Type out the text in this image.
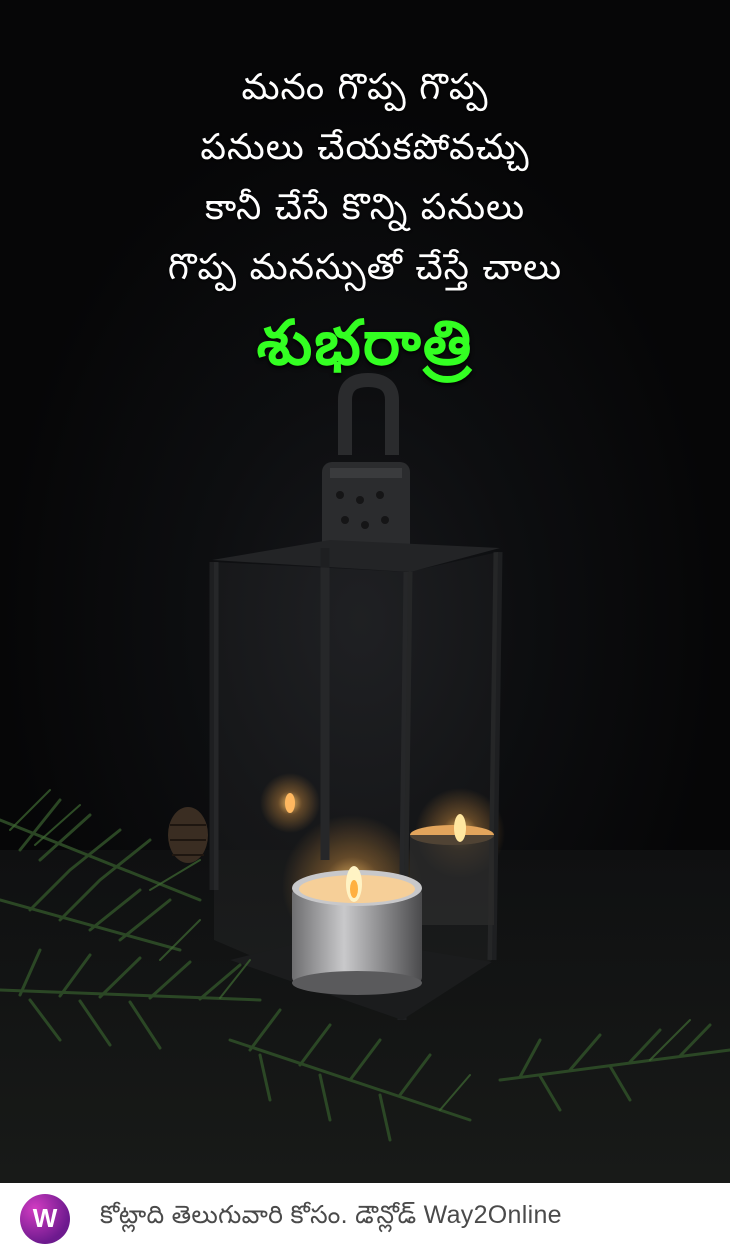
మనం గొప్ప గొప్ప
పనులు చేయకపోవచ్చు
కానీ చేసే కొన్ని పనులు
గొప్ప మనస్సుతో చేస్తే చాలు
శుభరాత్రి
W కోట్లాది తెలుగువారి కోసం. డౌన్లోడ్ Way2Online
